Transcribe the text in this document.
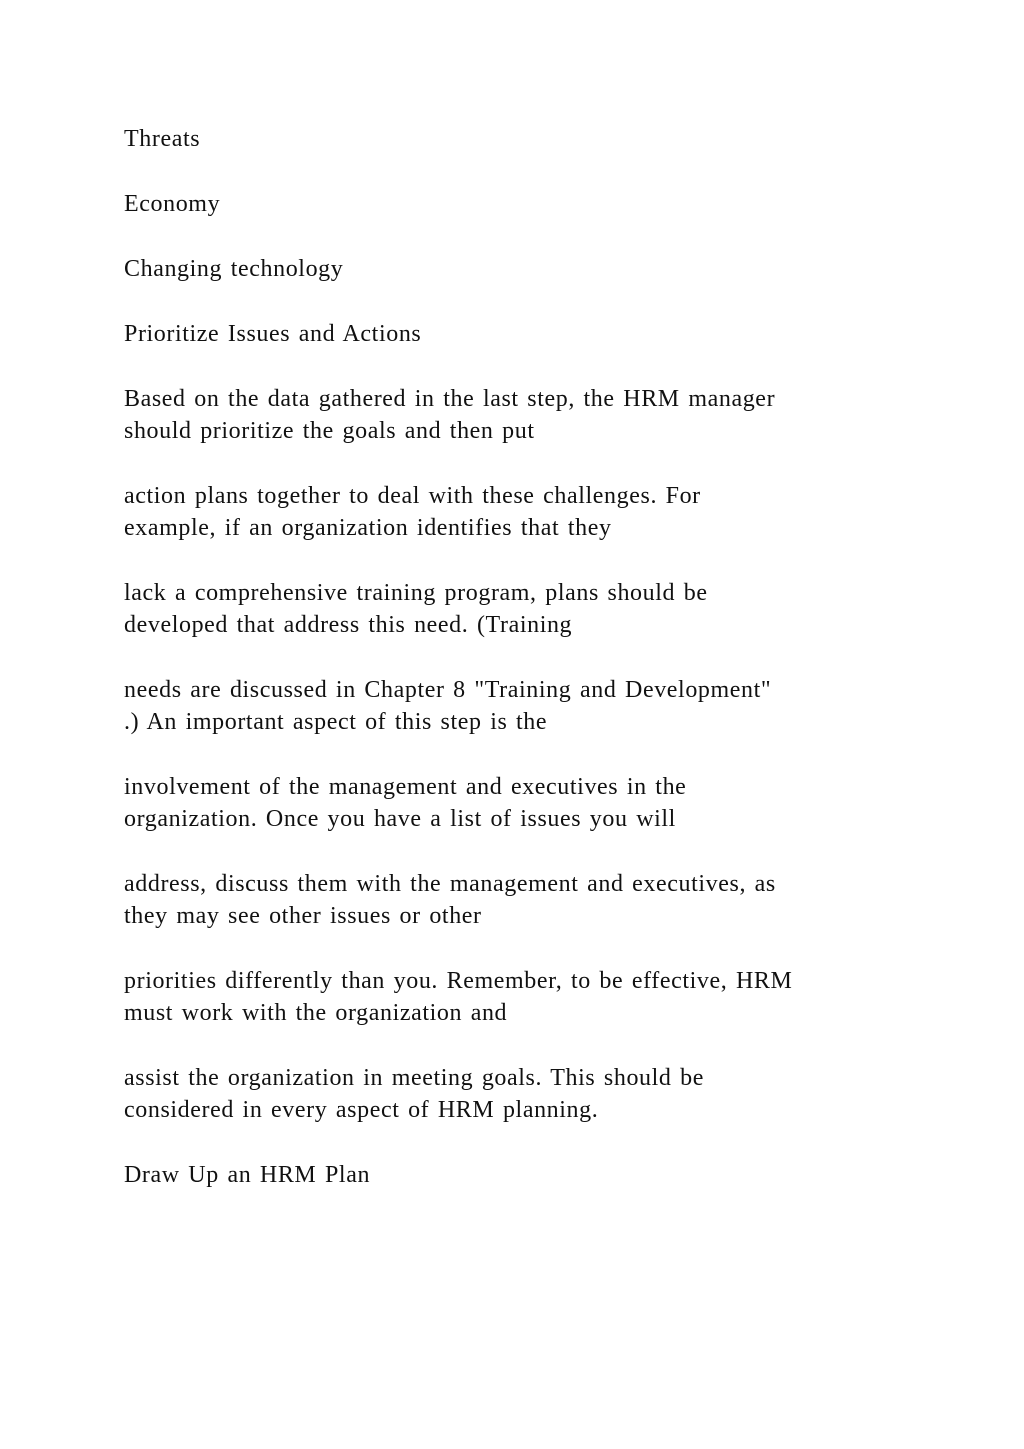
Threats

Economy

Changing technology

Prioritize Issues and Actions

Based on the data gathered in the last step, the HRM manager
should prioritize the goals and then put

action plans together to deal with these challenges. For
example, if an organization identifies that they

lack a comprehensive training program, plans should be
developed that address this need. (Training

needs are discussed in Chapter 8 "Training and Development"
.) An important aspect of this step is the

involvement of the management and executives in the
organization. Once you have a list of issues you will

address, discuss them with the management and executives, as
they may see other issues or other

priorities differently than you. Remember, to be effective, HRM
must work with the organization and

assist the organization in meeting goals. This should be
considered in every aspect of HRM planning.

Draw Up an HRM Plan
